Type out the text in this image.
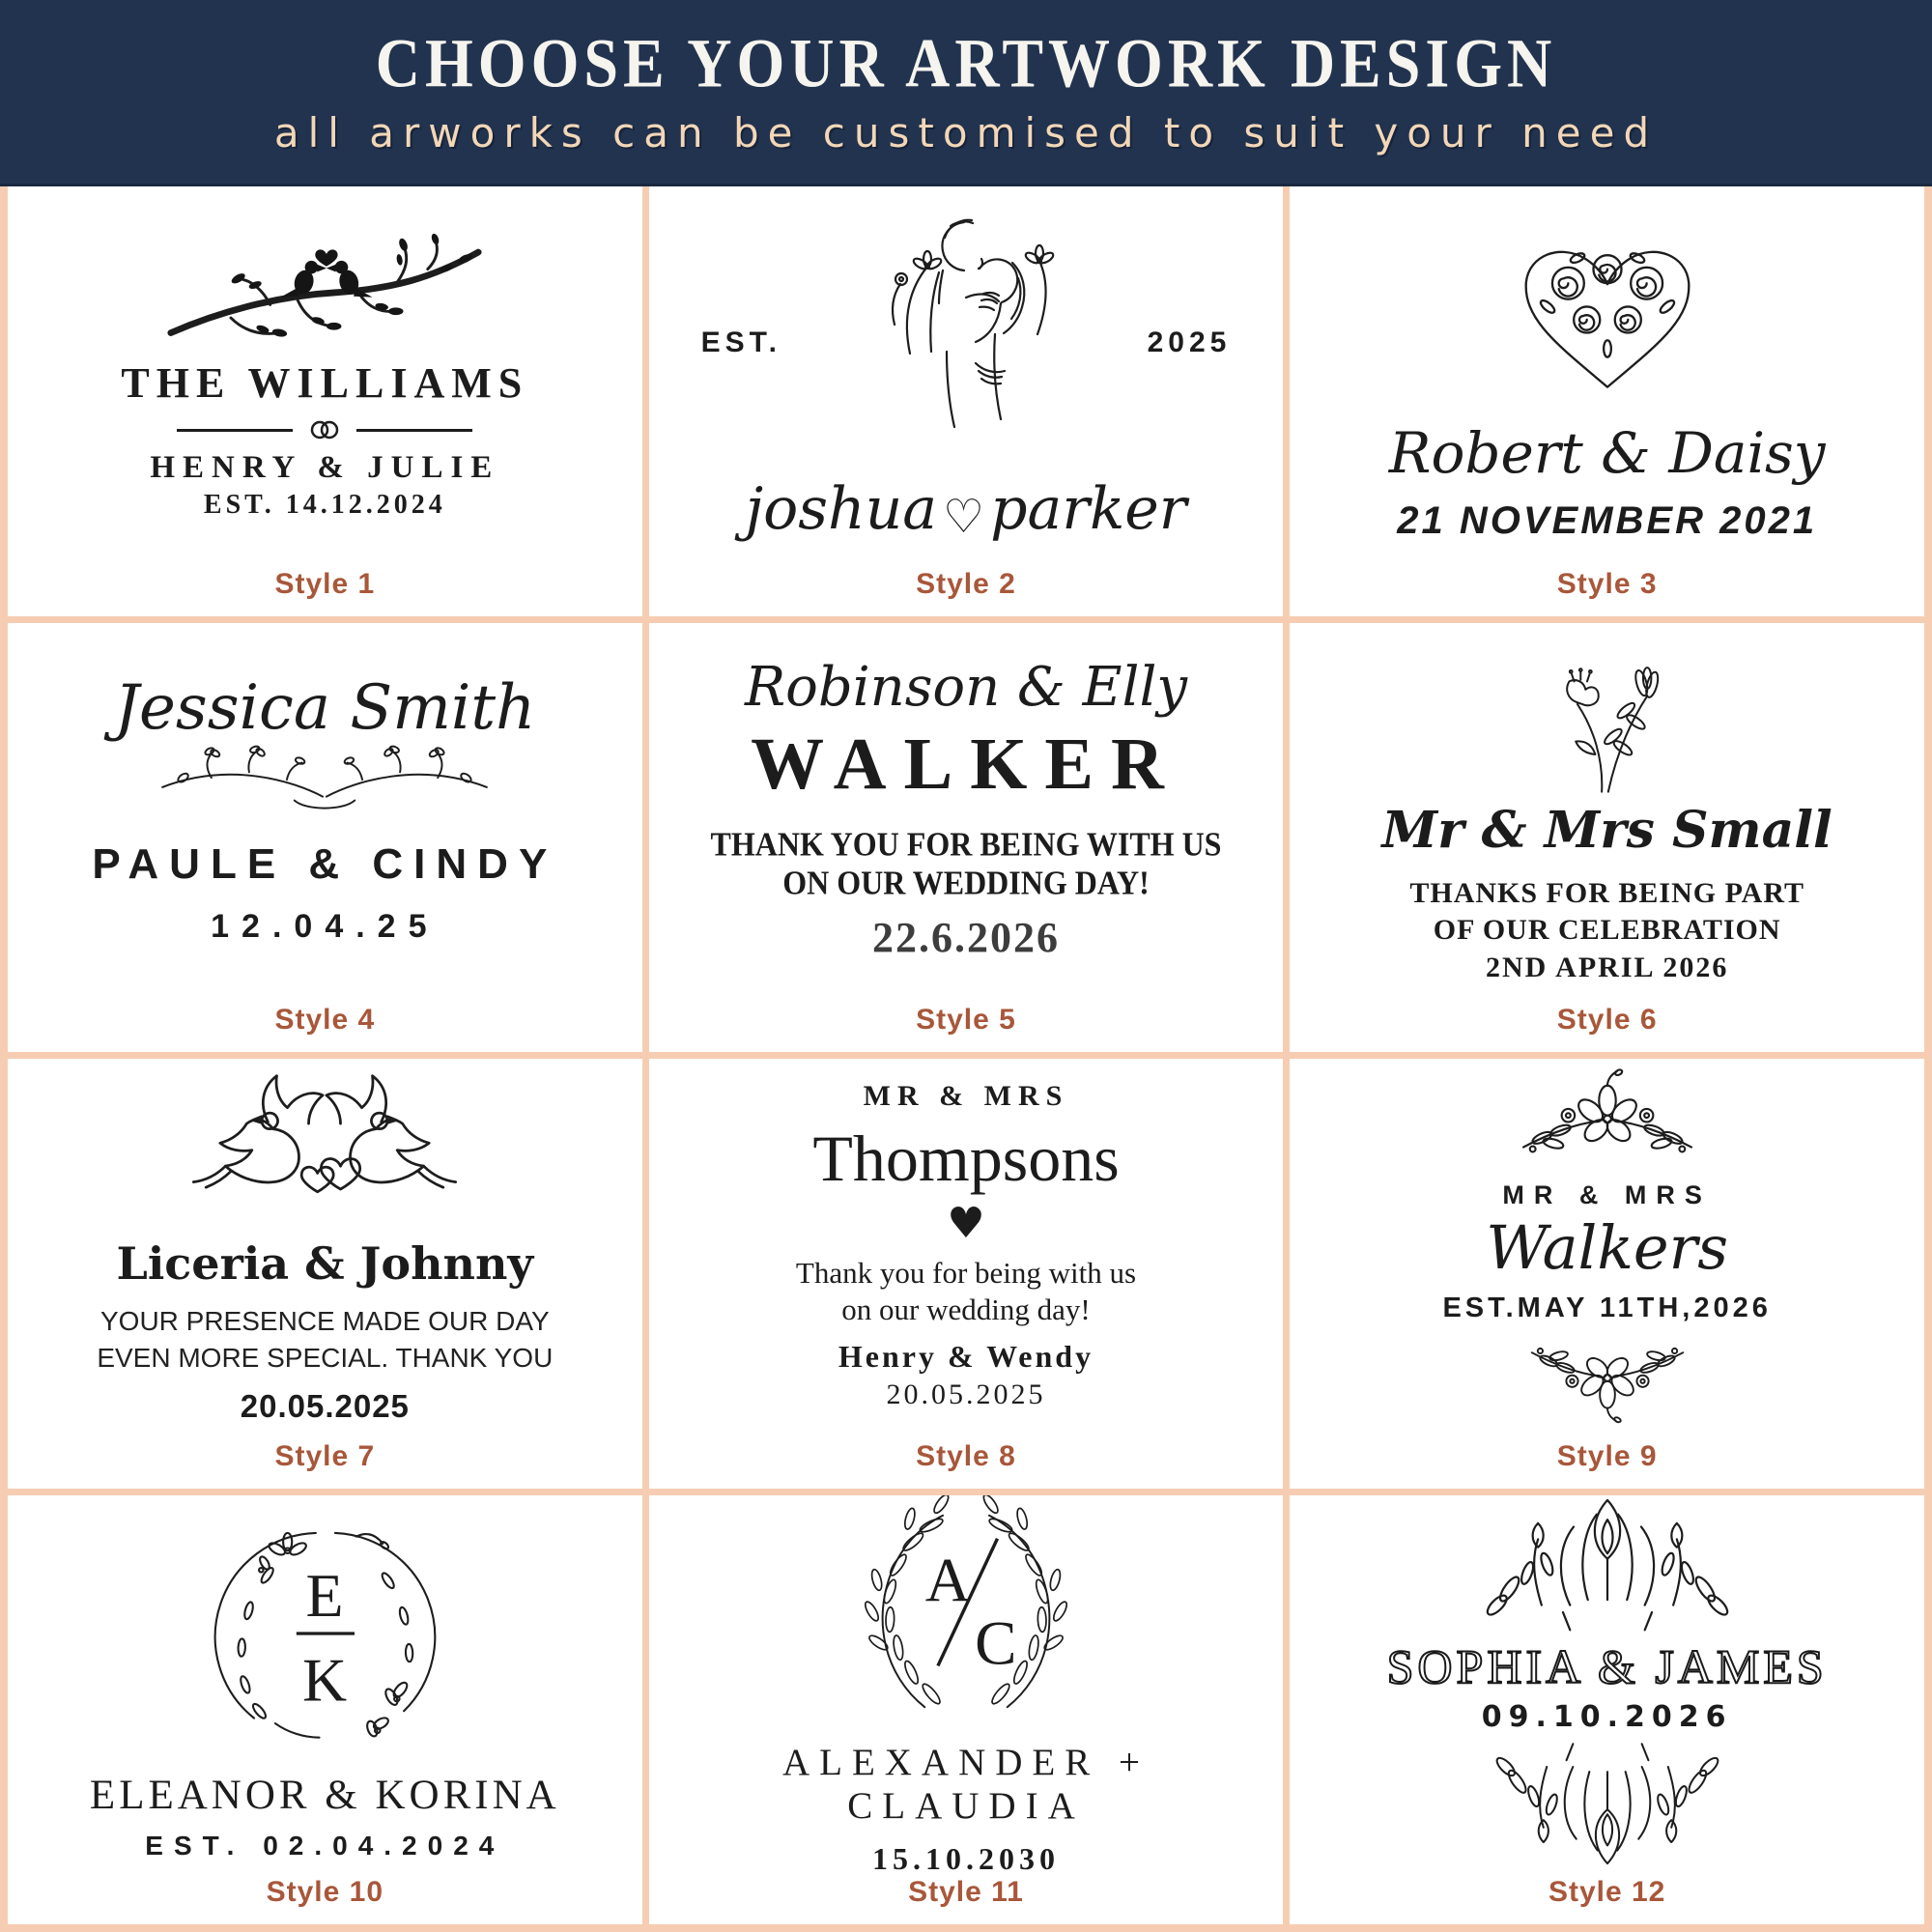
CHOOSE YOUR ARTWORK DESIGN
all arworks can be customised to suit your need
THE WILLIAMS
HENRY & JULIE
EST. 14.12.2024
Style 1
EST.	2025
joshua ♡ parker
Style 2
Robert & Daisy
21 NOVEMBER 2021
Style 3
Jessica Smith
PAULE & CINDY
12.04.25
Style 4
Robinson & Elly
WALKER
THANK YOU FOR BEING WITH US
ON OUR WEDDING DAY!
22.6.2026
Style 5
Mr & Mrs Small
THANKS FOR BEING PART
OF OUR CELEBRATION
2ND APRIL 2026
Style 6
Liceria & Johnny
YOUR PRESENCE MADE OUR DAY
EVEN MORE SPECIAL. THANK YOU
20.05.2025
Style 7
MR & MRS
Thompsons
♥
Thank you for being with us
on our wedding day!
Henry & Wendy
20.05.2025
Style 8
MR & MRS
Walkers
EST.MAY 11TH,2026
Style 9
E
K
ELEANOR & KORINA
EST. 02.04.2024
Style 10
A
C
ALEXANDER + CLAUDIA
15.10.2030
Style 11
SOPHIA & JAMES
09.10.2026
Style 12
